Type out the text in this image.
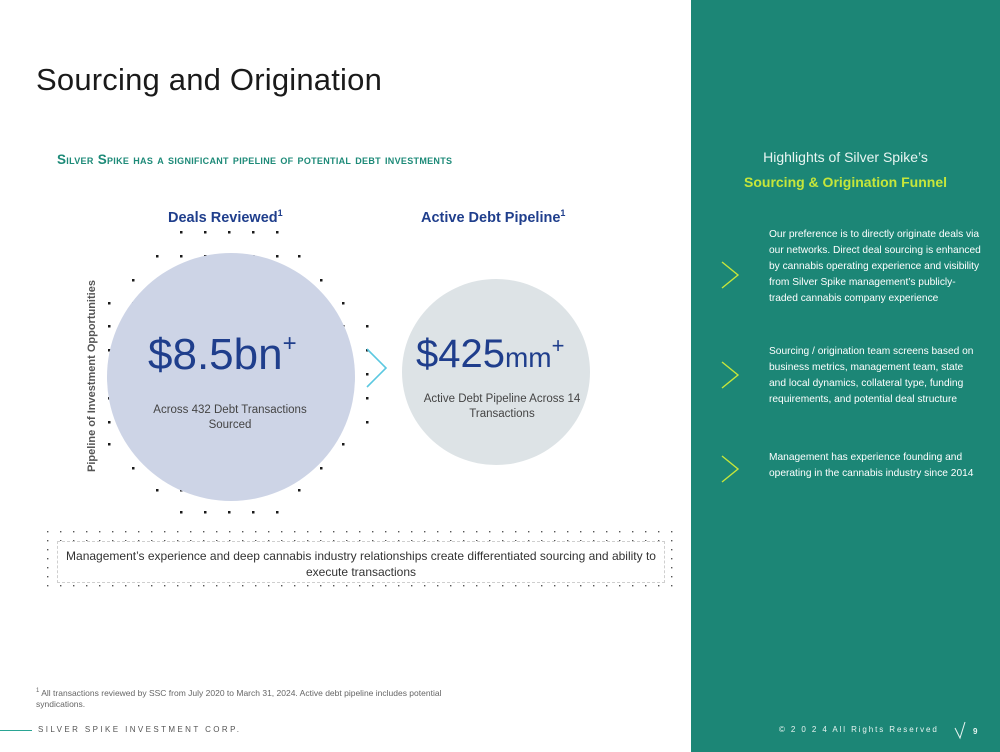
Sourcing and Origination
Silver Spike has a significant pipeline of potential debt investments
Deals Reviewed$^1$	Active Debt Pipeline$^1$
Pipeline of Investment Opportunities $8.5bn+
Across 432 Debt Transactions Sourced
$425mm+
Active Debt Pipeline Across 14 Transactions
Management’s experience and deep cannabis industry relationships create differentiated sourcing and ability to execute transactions
$^1$ All transactions reviewed by SSC from July 2020 to March 31, 2024. Active debt pipeline includes potential syndications.
SILVER SPIKE INVESTMENT CORP.
Highlights of Silver Spike’s
Sourcing & Origination Funnel
Our preference is to directly originate deals via our networks. Direct deal sourcing is enhanced by cannabis operating experience and visibility from Silver Spike management’s publicly-traded cannabis company experience
Sourcing / origination team screens based on business metrics, management team, state and local dynamics, collateral type, funding requirements, and potential deal structure
Management has experience founding and operating in the cannabis industry since 2014
© 2 0 2 4 All Rights Reserved	9
